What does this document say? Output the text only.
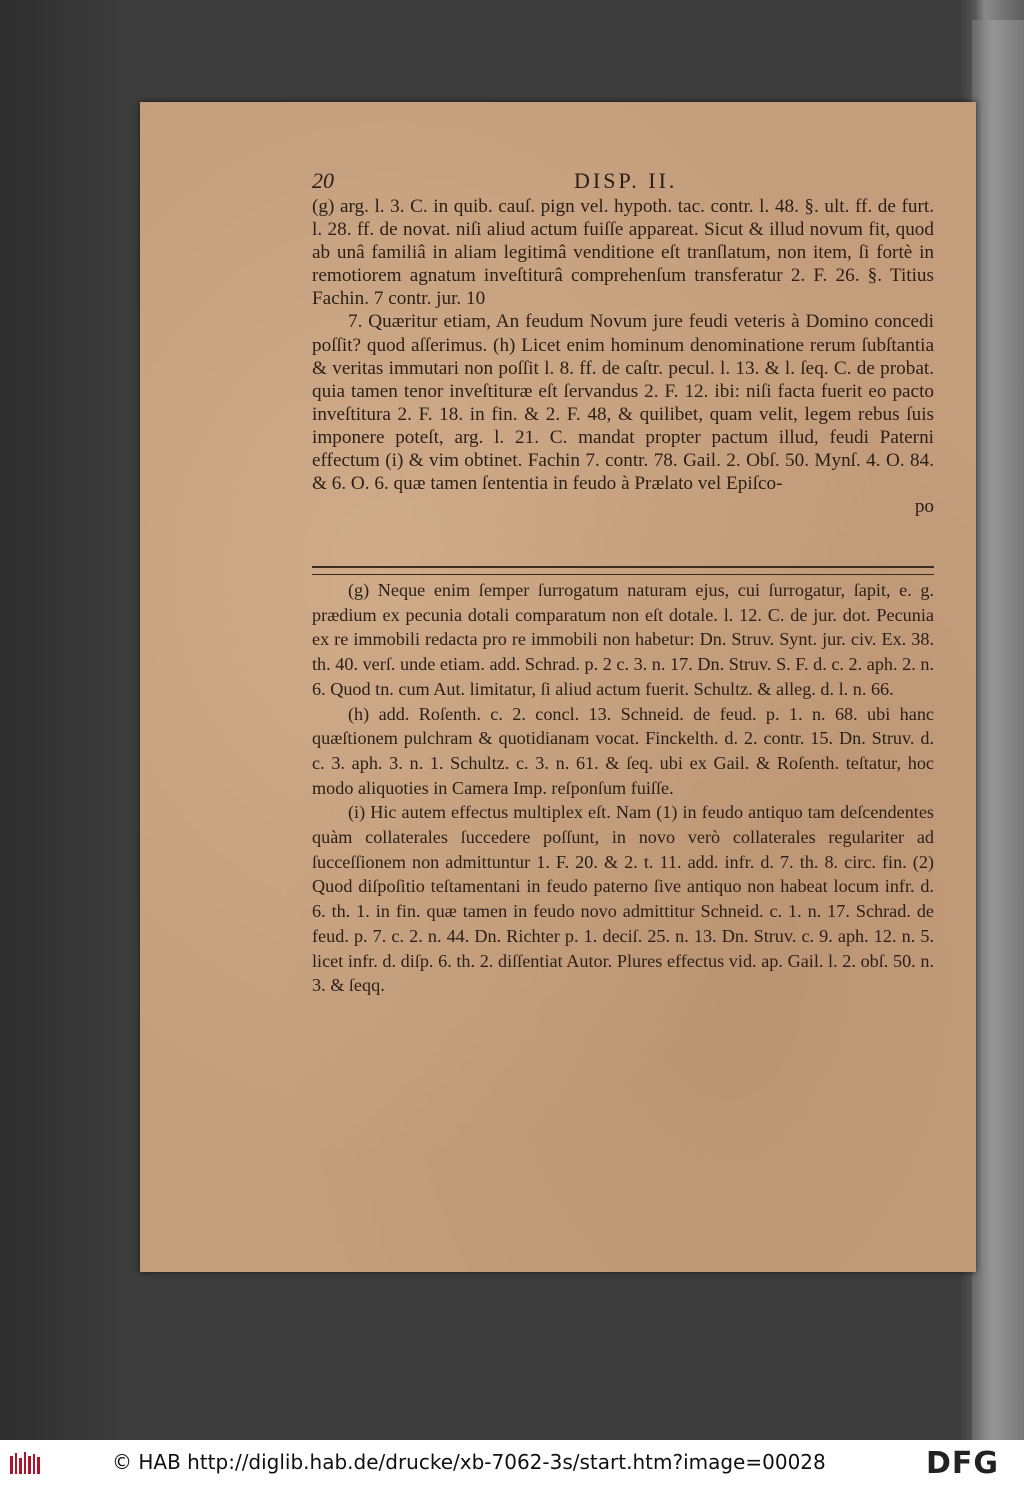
20	DISP. II.

(g) arg. l. 3. C. in quib. cauſ. pign vel. hypoth. tac. contr. l. 48. §. ult. ff. de furt. l. 28. ff. de novat. niſi aliud actum fuiſſe appareat. Sicut & illud novum fit, quod ab unâ familiâ in aliam legitimâ venditione eſt tranſlatum, non item, ſi fortè in remotiorem agnatum inveſtiturâ comprehenſum transferatur 2. F. 26. §. Titius Fachin. 7 contr. jur. 10

7. Quæritur etiam, An feudum Novum jure feudi veteris à Domino concedi poſſit? quod aſſerimus. (h) Licet enim hominum denominatione rerum ſubſtantia & veritas immutari non poſſit l. 8. ff. de caſtr. pecul. l. 13. & l. ſeq. C. de probat. quia tamen tenor inveſtituræ eſt ſervandus 2. F. 12. ibi: niſi facta fuerit eo pacto inveſtitura 2. F. 18. in fin. & 2. F. 48, & quilibet, quam velit, legem rebus ſuis imponere poteſt, arg. l. 21. C. mandat propter pactum illud, feudi Paterni effectum (i) & vim obtinet. Fachin 7. contr. 78. Gail. 2. Obſ. 50. Mynſ. 4. O. 84. & 6. O. 6. quæ tamen ſententia in feudo à Prælato vel Epiſco-

po

(g) Neque enim ſemper ſurrogatum naturam ejus, cui ſurrogatur, ſapit, e. g. prædium ex pecunia dotali comparatum non eſt dotale. l. 12. C. de jur. dot. Pecunia ex re immobili redacta pro re immobili non habetur: Dn. Struv. Synt. jur. civ. Ex. 38. th. 40. verſ. unde etiam. add. Schrad. p. 2 c. 3. n. 17. Dn. Struv. S. F. d. c. 2. aph. 2. n. 6. Quod tn. cum Aut. limitatur, ſi aliud actum fuerit. Schultz. & alleg. d. l. n. 66.

(h) add. Roſenth. c. 2. concl. 13. Schneid. de feud. p. 1. n. 68. ubi hanc quæſtionem pulchram & quotidianam vocat. Finckelth. d. 2. contr. 15. Dn. Struv. d. c. 3. aph. 3. n. 1. Schultz. c. 3. n. 61. & ſeq. ubi ex Gail. & Roſenth. teſtatur, hoc modo aliquoties in Camera Imp. reſponſum fuiſſe.

(i) Hic autem effectus multiplex eſt. Nam (1) in feudo antiquo tam deſcendentes quàm collaterales ſuccedere poſſunt, in novo verò collaterales regulariter ad ſucceſſionem non admittuntur 1. F. 20. & 2. t. 11. add. infr. d. 7. th. 8. circ. fin. (2) Quod diſpoſitio teſtamentani in feudo paterno ſive antiquo non habeat locum infr. d. 6. th. 1. in fin. quæ tamen in feudo novo admittitur Schneid. c. 1. n. 17. Schrad. de feud. p. 7. c. 2. n. 44. Dn. Richter p. 1. deciſ. 25. n. 13. Dn. Struv. c. 9. aph. 12. n. 5. licet infr. d. diſp. 6. th. 2. diſſentiat Autor. Plures effectus vid. ap. Gail. l. 2. obſ. 50. n. 3. & ſeqq.

© HAB http://diglib.hab.de/drucke/xb-7062-3s/start.htm?image=00028	DFG
